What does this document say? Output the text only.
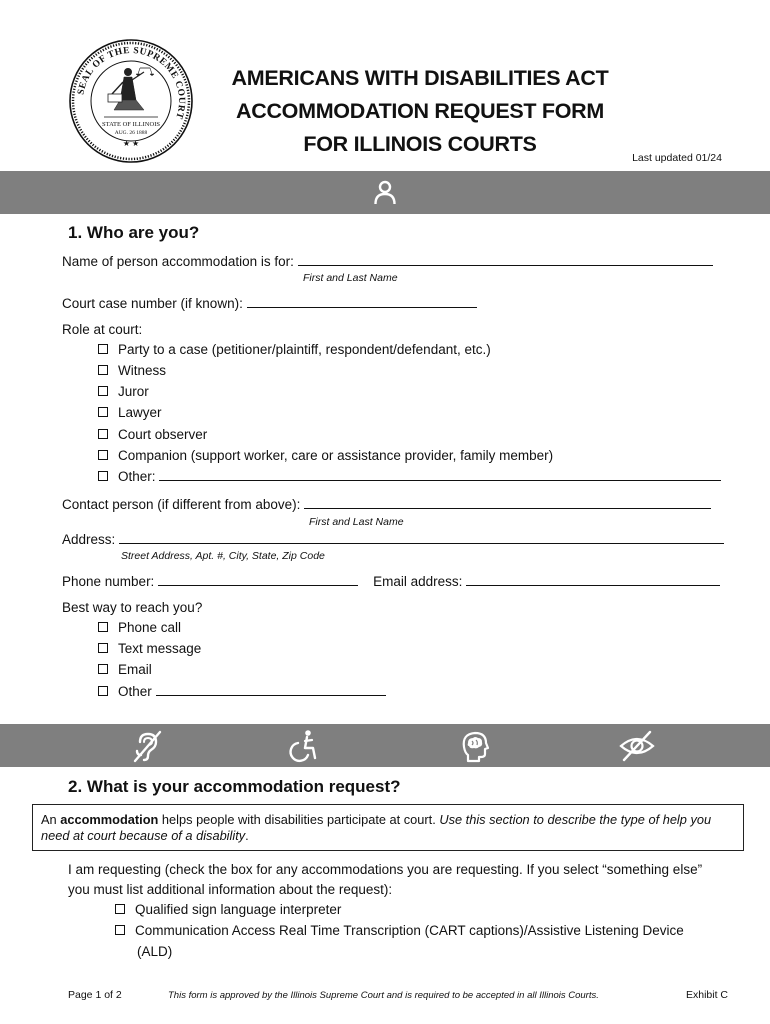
SEAL OF THE SUPREME COURT
STATE OF ILLINOIS
AUG. 26 1888
★ ★
AMERICANS WITH DISABILITIES ACT
ACCOMMODATION REQUEST FORM
FOR ILLINOIS COURTS
Last updated 01/24
1. Who are you?
Name of person accommodation is for:
First and Last Name
Court case number (if known):
Role at court:
Party to a case (petitioner/plaintiff, respondent/defendant, etc.)
Witness
Juror
Lawyer
Court observer
Companion (support worker, care or assistance provider, family member)
Other:
Contact person (if different from above):
First and Last Name
Address:
Street Address, Apt. #, City, State, Zip Code
Phone number:	Email address:
Best way to reach you?
Phone call
Text message
Email
Other
2. What is your accommodation request?
An accommodation helps people with disabilities participate at court. Use this section to describe the type of help you need at court because of a disability.
I am requesting (check the box for any accommodations you are requesting. If you select “something else”
you must list additional information about the request):
Qualified sign language interpreter
Communication Access Real Time Transcription (CART captions)/Assistive Listening Device
(ALD)
Page 1 of 2	This form is approved by the Illinois Supreme Court and is required to be accepted in all Illinois Courts.	Exhibit C
